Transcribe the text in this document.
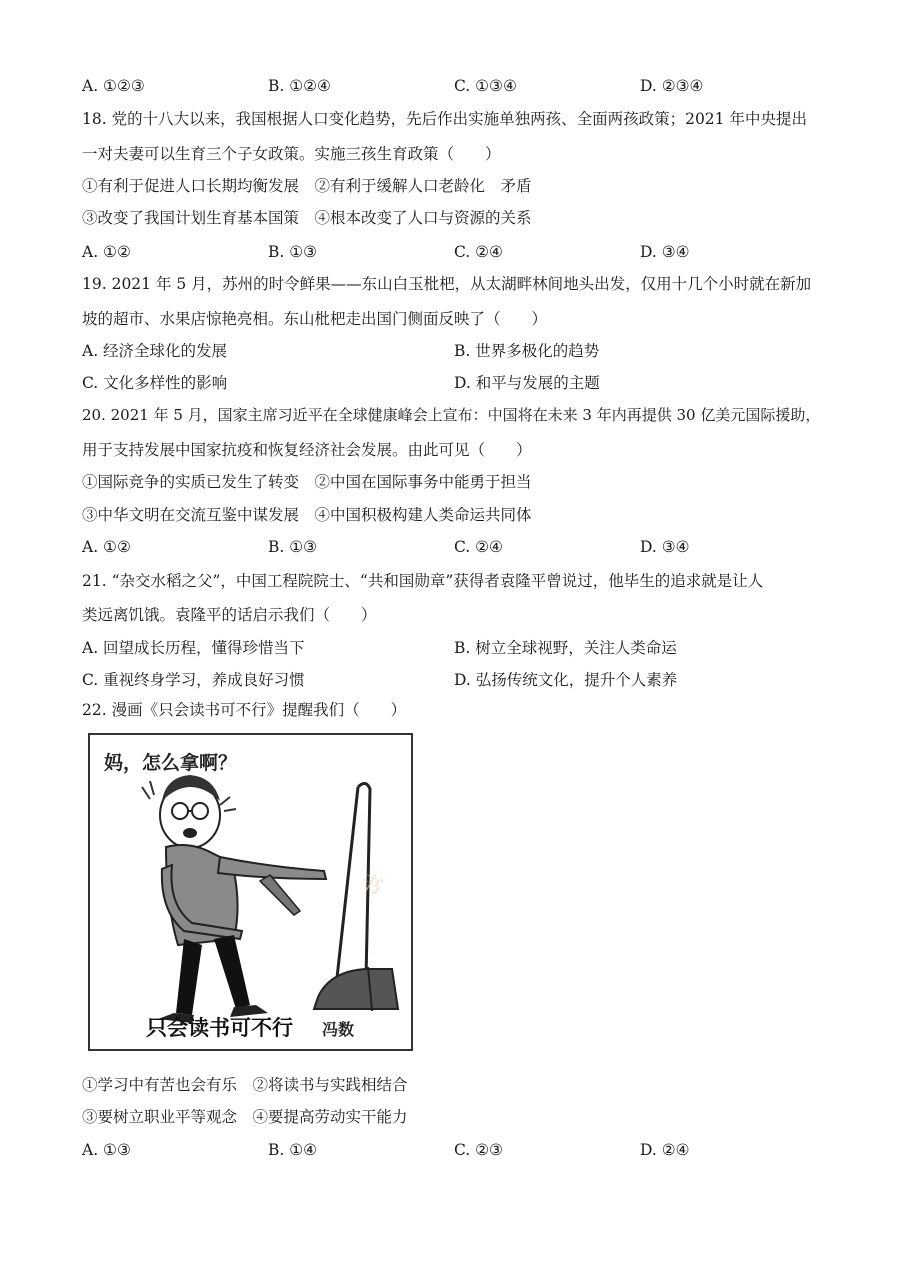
A. ①②③	B. ①②④	C. ①③④	D. ②③④
18. 党的十八大以来，我国根据人口变化趋势，先后作出实施单独两孩、全面两孩政策；2021 年中央提出
一对夫妻可以生育三个子女政策。实施三孩生育政策（　　）
①有利于促进人口长期均衡发展　②有利于缓解人口老龄化　矛盾
③改变了我国计划生育基本国策　④根本改变了人口与资源的关系
A. ①②	B. ①③	C. ②④	D. ③④
19. 2021 年 5 月，苏州的时令鲜果——东山白玉枇杷，从太湖畔林间地头出发，仅用十几个小时就在新加
坡的超市、水果店惊艳亮相。东山枇杷走出国门侧面反映了（　　）
A. 经济全球化的发展	B. 世界多极化的趋势
C. 文化多样性的影响	D. 和平与发展的主题
20. 2021 年 5 月，国家主席习近平在全球健康峰会上宣布：中国将在未来 3 年内再提供 30 亿美元国际援助，
用于支持发展中国家抗疫和恢复经济社会发展。由此可见（　　）
①国际竞争的实质已发生了转变　②中国在国际事务中能勇于担当
③中华文明在交流互鉴中谋发展　④中国积极构建人类命运共同体
A. ①②	B. ①③	C. ②④	D. ③④
21. “杂交水稻之父”，中国工程院院士、“共和国勋章”获得者袁隆平曾说过，他毕生的追求就是让人
类远离饥饿。袁隆平的话启示我们（　　）
A. 回望成长历程，懂得珍惜当下	B. 树立全球视野，关注人类命运
C. 重视终身学习，养成良好习惯	D. 弘扬传统文化，提升个人素养
22. 漫画《只会读书可不行》提醒我们（　　）
妈，怎么拿啊？
书
只会读书可不行 冯数
①学习中有苦也会有乐　②将读书与实践相结合
③要树立职业平等观念　④要提高劳动实干能力
A. ①③	B. ①④	C. ②③	D. ②④
